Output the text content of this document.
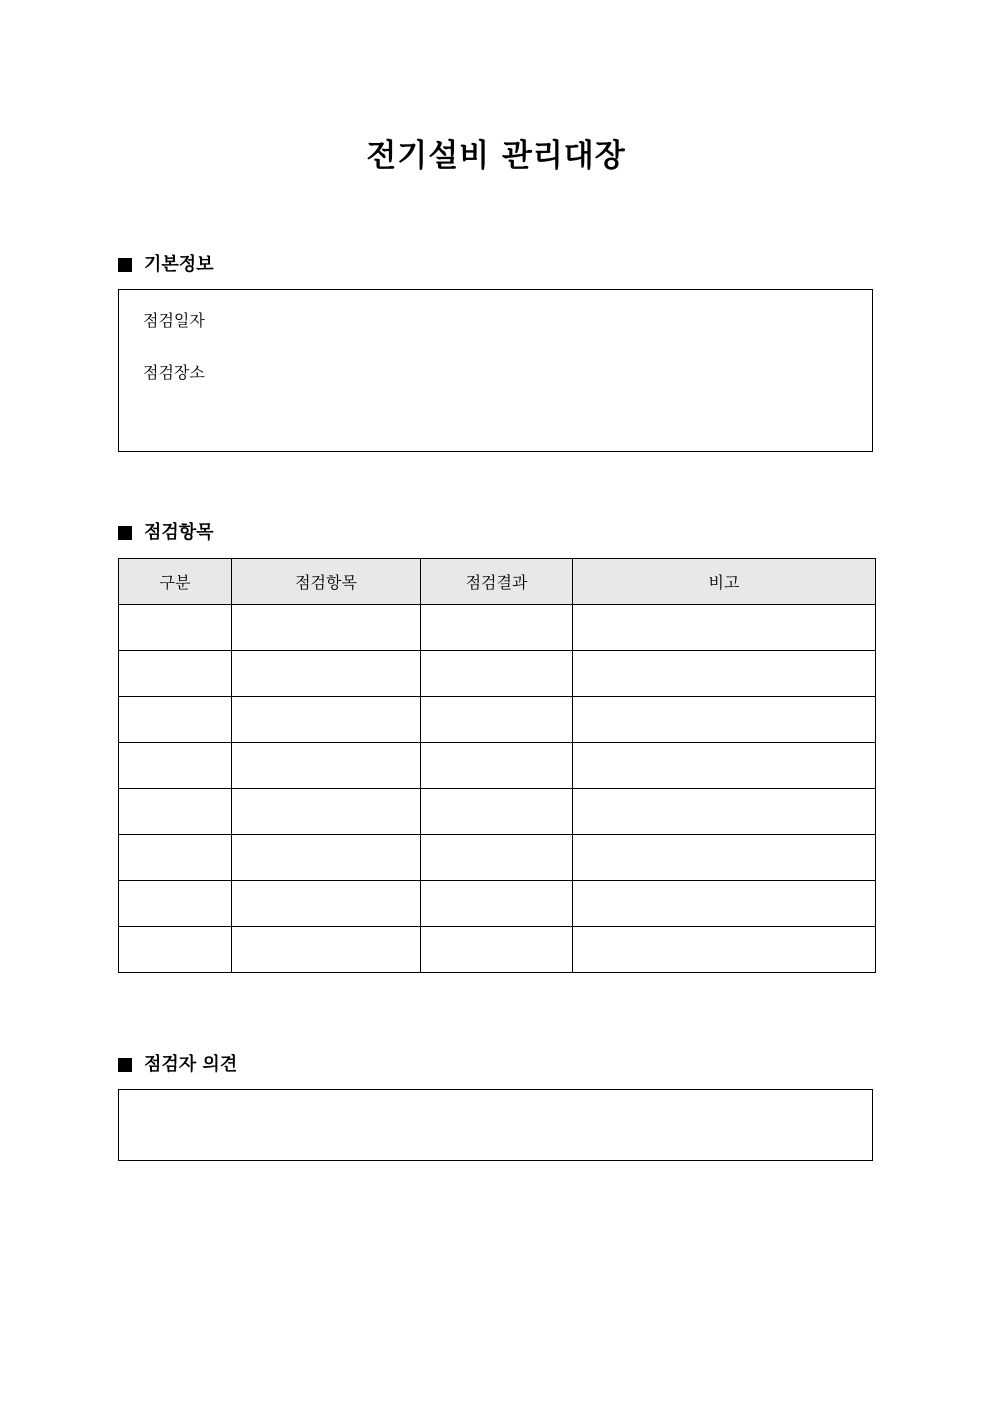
전기설비 관리대장
기본정보
점검일자
점검장소
점검항목
구분	점검항목	점검결과	비고

점검자 의견
